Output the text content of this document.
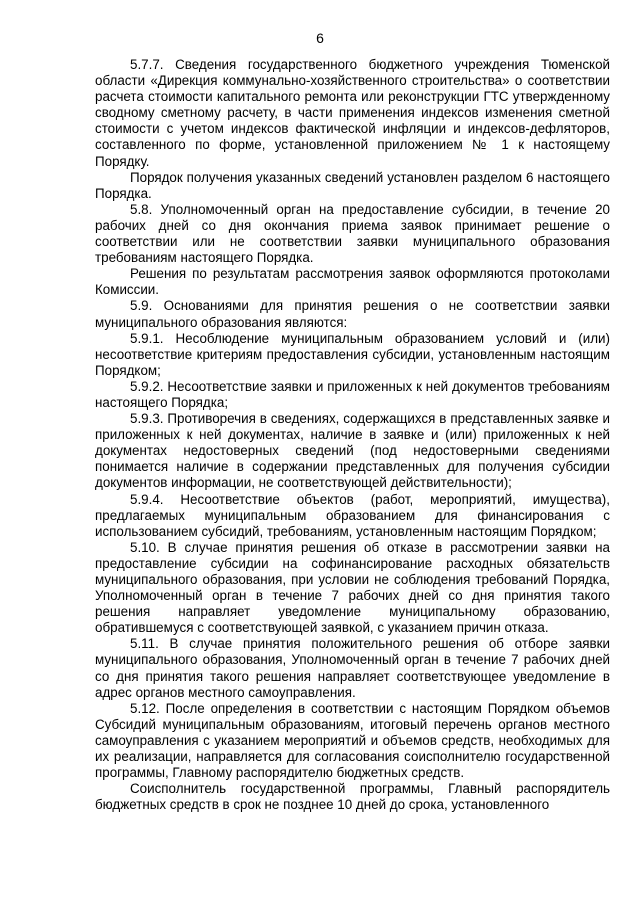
6

5.7.7. Сведения государственного бюджетного учреждения Тюменской области «Дирекция коммунально-хозяйственного строительства» о соответствии расчета стоимости капитального ремонта или реконструкции ГТС утвержденному сводному сметному расчету, в части применения индексов изменения сметной стоимости с учетом индексов фактической инфляции и индексов-дефляторов, составленного по форме, установленной приложением № 1 к настоящему Порядку.

Порядок получения указанных сведений установлен разделом 6 настоящего Порядка.

5.8. Уполномоченный орган на предоставление субсидии, в течение 20 рабочих дней со дня окончания приема заявок принимает решение о соответствии или не соответствии заявки муниципального образования требованиям настоящего Порядка.

Решения по результатам рассмотрения заявок оформляются протоколами Комиссии.

5.9. Основаниями для принятия решения о не соответствии заявки муниципального образования являются:

5.9.1. Несоблюдение муниципальным образованием условий и (или) несоответствие критериям предоставления субсидии, установленным настоящим Порядком;

5.9.2. Несоответствие заявки и приложенных к ней документов требованиям настоящего Порядка;

5.9.3. Противоречия в сведениях, содержащихся в представленных заявке и приложенных к ней документах, наличие в заявке и (или) приложенных к ней документах недостоверных сведений (под недостоверными сведениями понимается наличие в содержании представленных для получения субсидии документов информации, не соответствующей действительности);

5.9.4. Несоответствие объектов (работ, мероприятий, имущества), предлагаемых муниципальным образованием для финансирования с использованием субсидий, требованиям, установленным настоящим Порядком;

5.10. В случае принятия решения об отказе в рассмотрении заявки на предоставление субсидии на софинансирование расходных обязательств муниципального образования, при условии не соблюдения требований Порядка, Уполномоченный орган в течение 7 рабочих дней со дня принятия такого решения направляет уведомление муниципальному образованию, обратившемуся с соответствующей заявкой, с указанием причин отказа.

5.11. В случае принятия положительного решения об отборе заявки муниципального образования, Уполномоченный орган в течение 7 рабочих дней со дня принятия такого решения направляет соответствующее уведомление в адрес органов местного самоуправления.

5.12. После определения в соответствии с настоящим Порядком объемов Субсидий муниципальным образованиям, итоговый перечень органов местного самоуправления с указанием мероприятий и объемов средств, необходимых для их реализации, направляется для согласования соисполнителю государственной программы, Главному распорядителю бюджетных средств.

Соисполнитель государственной программы, Главный распорядитель бюджетных средств в срок не позднее 10 дней до срока, установленного
